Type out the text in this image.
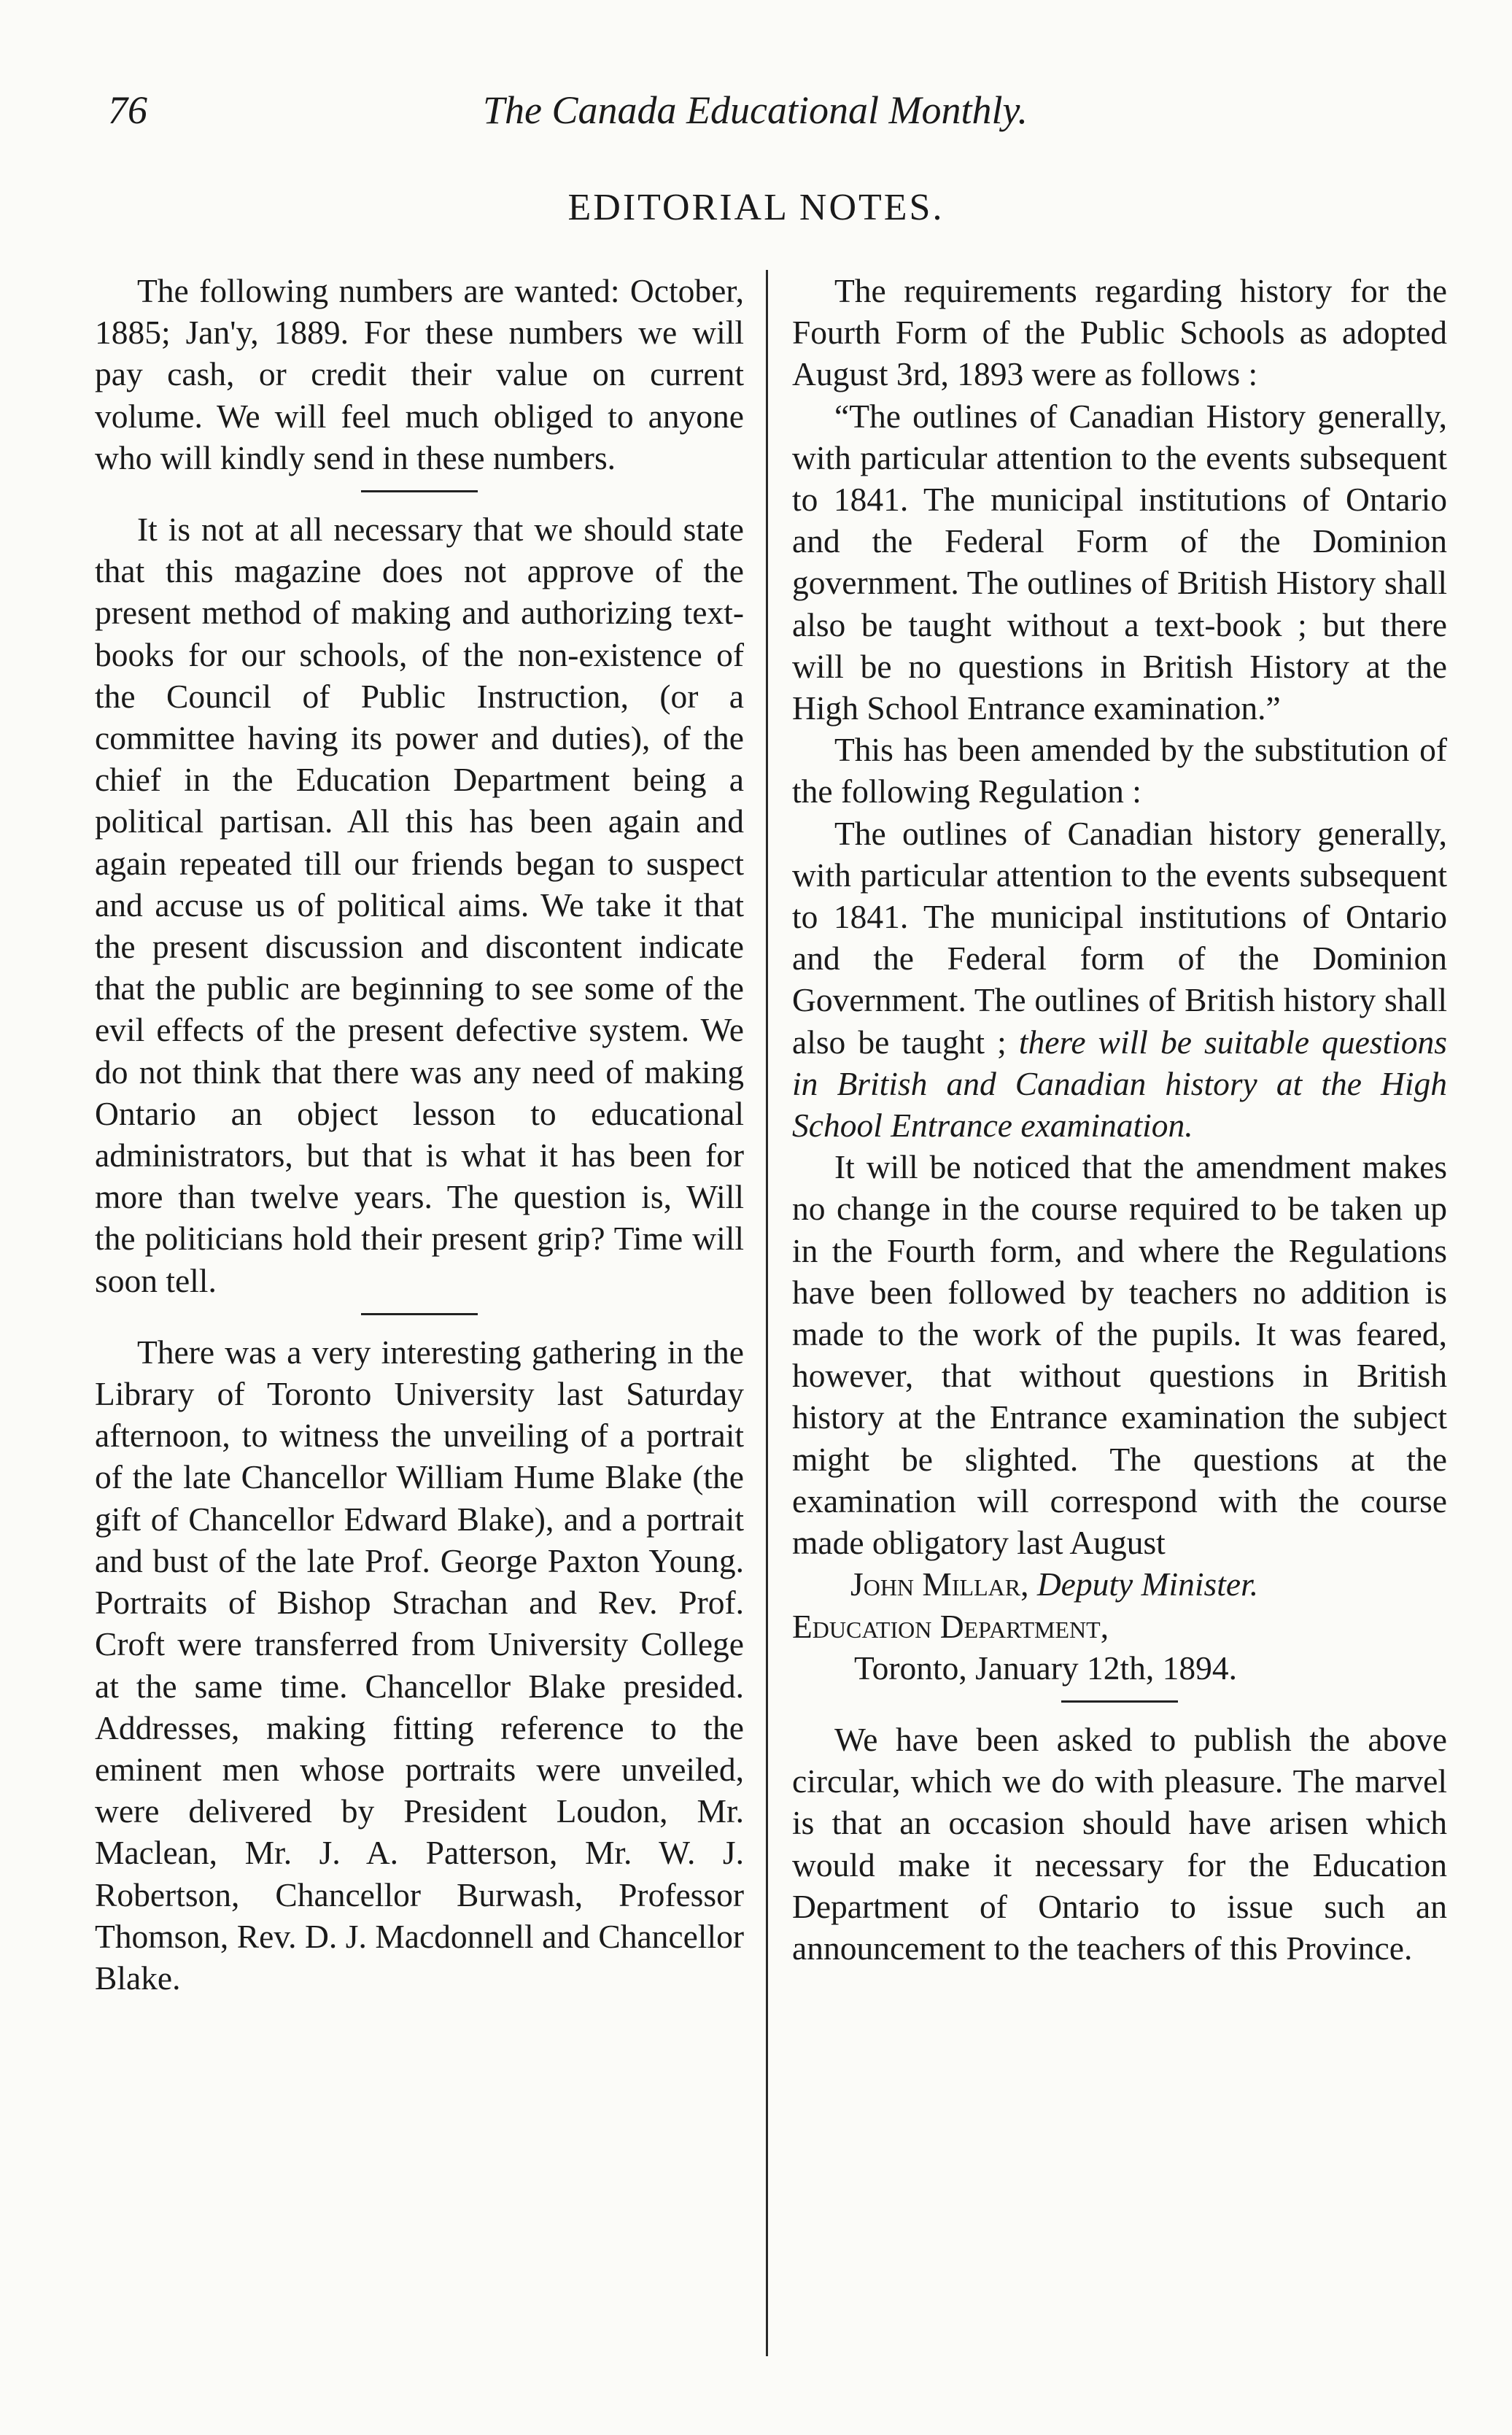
The Canada Educational Monthly.
76
EDITORIAL NOTES.

The following numbers are wanted: October, 1885; Jan'y, 1889. For these numbers we will pay cash, or credit their value on current volume. We will feel much obliged to anyone who will kindly send in these numbers.

It is not at all necessary that we should state that this magazine does not approve of the present method of making and authorizing text-books for our schools, of the non-existence of the Council of Public Instruction, (or a committee having its power and duties), of the chief in the Education Department being a political partisan. All this has been again and again repeated till our friends began to suspect and accuse us of political aims. We take it that the present discussion and discontent indicate that the public are beginning to see some of the evil effects of the present defective system. We do not think that there was any need of making Ontario an object lesson to educational administrators, but that is what it has been for more than twelve years. The question is, Will the politicians hold their present grip? Time will soon tell.

There was a very interesting gathering in the Library of Toronto University last Saturday afternoon, to witness the unveiling of a portrait of the late Chancellor William Hume Blake (the gift of Chancellor Edward Blake), and a portrait and bust of the late Prof. George Paxton Young. Portraits of Bishop Strachan and Rev. Prof. Croft were transferred from University College at the same time. Chancellor Blake presided. Addresses, making fitting reference to the eminent men whose portraits were unveiled, were delivered by President Loudon, Mr. Maclean, Mr. J. A. Patterson, Mr. W. J. Robertson, Chancellor Burwash, Professor Thomson, Rev. D. J. Macdonnell and Chancellor Blake.

The requirements regarding history for the Fourth Form of the Public Schools as adopted August 3rd, 1893 were as follows :

“The outlines of Canadian History generally, with particular attention to the events subsequent to 1841. The municipal institutions of Ontario and the Federal Form of the Dominion government. The outlines of British History shall also be taught without a text-book ; but there will be no questions in British History at the High School Entrance examination.”

This has been amended by the substitution of the following Regulation :

The outlines of Canadian history generally, with particular attention to the events subsequent to 1841. The municipal institutions of Ontario and the Federal form of the Dominion Government. The outlines of British history shall also be taught ; there will be suitable questions in British and Canadian history at the High School Entrance examination.

It will be noticed that the amendment makes no change in the course required to be taken up in the Fourth form, and where the Regulations have been followed by teachers no addition is made to the work of the pupils. It was feared, however, that without questions in British history at the Entrance examination the subject might be slighted. The questions at the examination will correspond with the course made obligatory last August

John Millar, Deputy Minister.

Education Department,

Toronto, January 12th, 1894.

We have been asked to publish the above circular, which we do with pleasure. The marvel is that an occasion should have arisen which would make it necessary for the Education Department of Ontario to issue such an announcement to the teachers of this Province.
